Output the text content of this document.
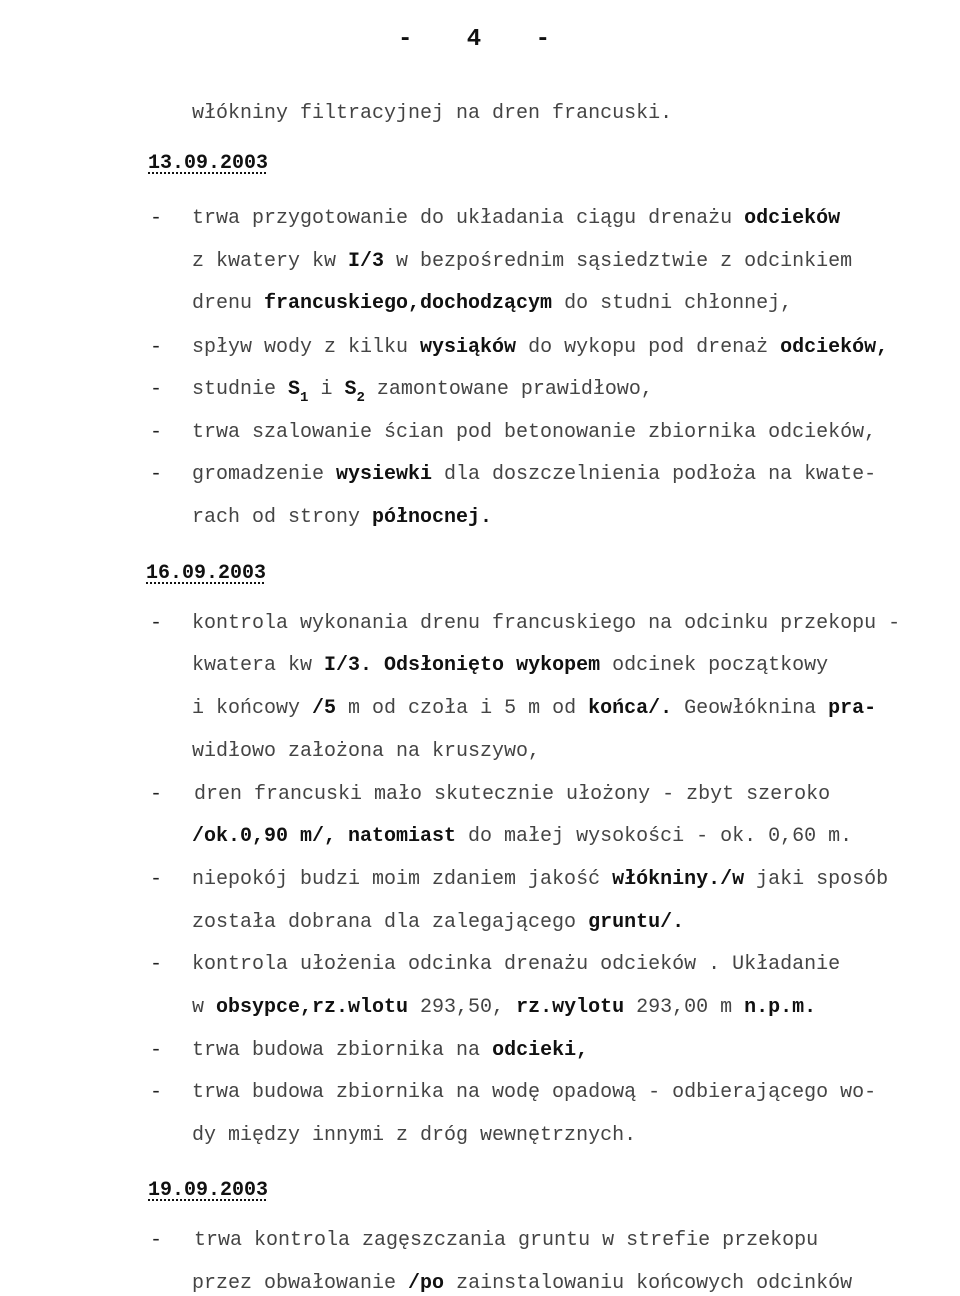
- 4 -
włókniny filtracyjnej na dren francuski.
13.09.2003
- trwa przygotowanie do układania ciągu drenażu odcieków
z kwatery kw I/3 w bezpośrednim sąsiedztwie z odcinkiem
drenu francuskiego,dochodzącym do studni chłonnej,
- spływ wody z kilku wysiąków do wykopu pod drenaż odcieków,
- studnie $S_1$ i $S_2$ zamontowane prawidłowo,
- trwa szalowanie ścian pod betonowanie zbiornika odcieków,
- gromadzenie wysiewki dla doszczelnienia podłoża na kwate-
rach od strony północnej.
16.09.2003
- kontrola wykonania drenu francuskiego na odcinku przekopu -
kwatera kw I/3. Odsłonięto wykopem odcinek początkowy
i końcowy /5 m od czoła i 5 m od końca/. Geowłóknina pra-
widłowo założona na kruszywo,
- dren francuski mało skutecznie ułożony - zbyt szeroko
/ok.0,90 m/, natomiast do małej wysokości - ok. 0,60 m.
- niepokój budzi moim zdaniem jakość włókniny./w jaki sposób
została dobrana dla zalegającego gruntu/.
- kontrola ułożenia odcinka drenażu odcieków . Układanie
w obsypce,rz.wlotu 293,50, rz.wylotu 293,00 m n.p.m.
- trwa budowa zbiornika na odcieki,
- trwa budowa zbiornika na wodę opadową - odbierającego wo-
dy między innymi z dróg wewnętrznych.
19.09.2003
- trwa kontrola zagęszczania gruntu w strefie przekopu
przez obwałowanie /po zainstalowaniu końcowych odcinków
